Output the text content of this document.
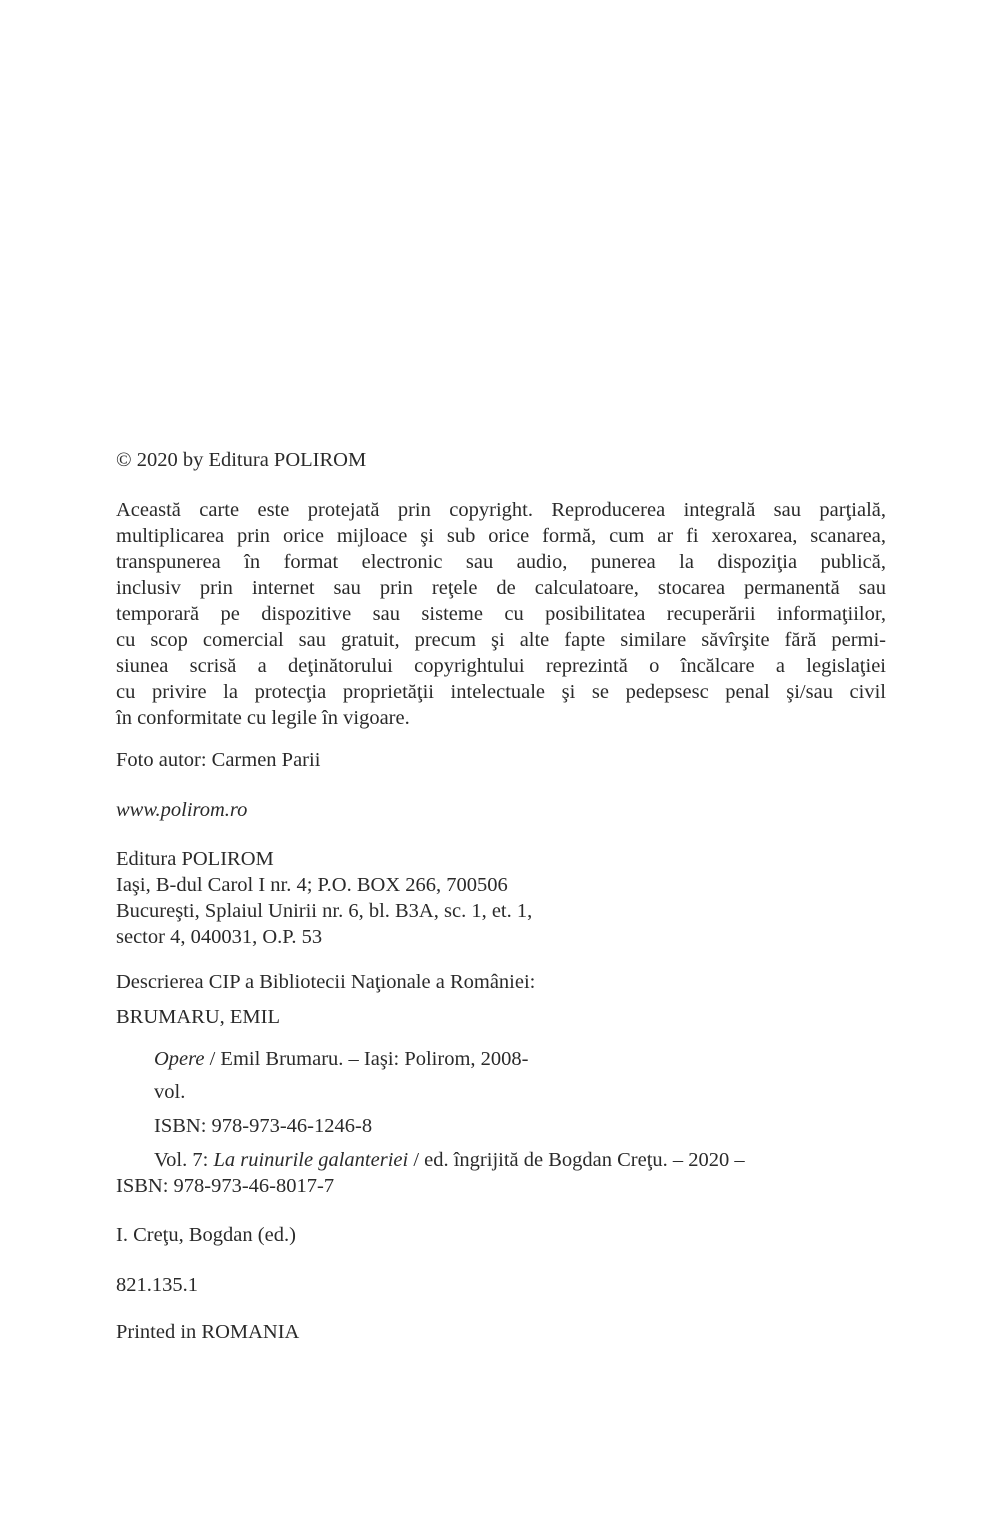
© 2020 by Editura POLIROM
Această carte este protejată prin copyright. Reproducerea integrală sau parţială,
multiplicarea prin orice mijloace şi sub orice formă, cum ar fi xeroxarea, scanarea,
transpunerea în format electronic sau audio, punerea la dispoziţia publică,
inclusiv prin internet sau prin reţele de calculatoare, stocarea permanentă sau
temporară pe dispozitive sau sisteme cu posibilitatea recuperării informaţiilor,
cu scop comercial sau gratuit, precum şi alte fapte similare săvîrşite fără permi-
siunea scrisă a deţinătorului copyrightului reprezintă o încălcare a legislaţiei
cu privire la protecţia proprietăţii intelectuale şi se pedepsesc penal şi/sau civil
în conformitate cu legile în vigoare.
Foto autor: Carmen Parii
www.polirom.ro
Editura POLIROM
Iaşi, B-dul Carol I nr. 4; P.O. BOX 266, 700506
Bucureşti, Splaiul Unirii nr. 6, bl. B3A, sc. 1, et. 1,
sector 4, 040031, O.P. 53
Descrierea CIP a Bibliotecii Naţionale a României:
BRUMARU, EMIL
Opere / Emil Brumaru. – Iaşi: Polirom, 2008-
vol.
ISBN: 978-973-46-1246-8
Vol. 7: La ruinurile galanteriei / ed. îngrijită de Bogdan Creţu. – 2020 –
ISBN: 978-973-46-8017-7
I. Creţu, Bogdan (ed.)
821.135.1
Printed in ROMANIA
